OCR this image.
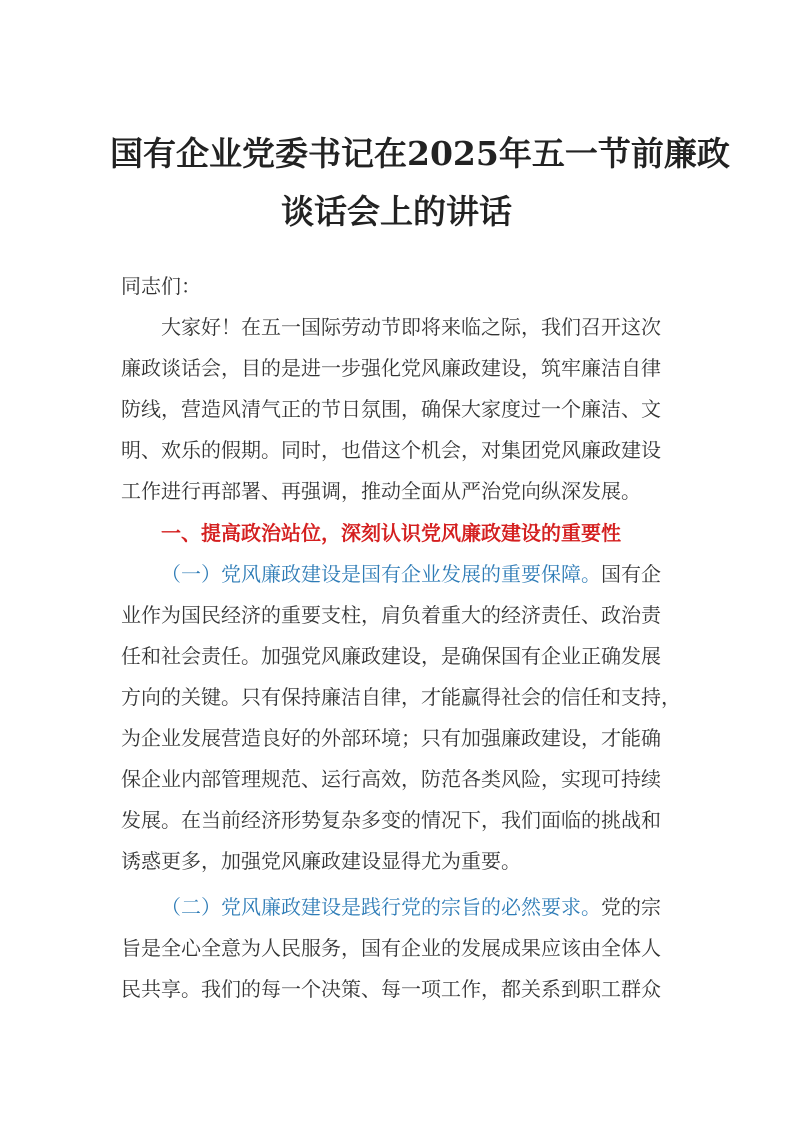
国有企业党委书记在2025年五一节前廉政
谈话会上的讲话
同志们：
大家好！在五一国际劳动节即将来临之际，我们召开这次
廉政谈话会，目的是进一步强化党风廉政建设，筑牢廉洁自律
防线，营造风清气正的节日氛围，确保大家度过一个廉洁、文
明、欢乐的假期。同时，也借这个机会，对集团党风廉政建设
工作进行再部署、再强调，推动全面从严治党向纵深发展。
一、提高政治站位，深刻认识党风廉政建设的重要性
（一）党风廉政建设是国有企业发展的重要保障。国有企
业作为国民经济的重要支柱，肩负着重大的经济责任、政治责
任和社会责任。加强党风廉政建设，是确保国有企业正确发展
方向的关键。只有保持廉洁自律，才能赢得社会的信任和支持，
为企业发展营造良好的外部环境；只有加强廉政建设，才能确
保企业内部管理规范、运行高效，防范各类风险，实现可持续
发展。在当前经济形势复杂多变的情况下，我们面临的挑战和
诱惑更多，加强党风廉政建设显得尤为重要。
（二）党风廉政建设是践行党的宗旨的必然要求。党的宗
旨是全心全意为人民服务，国有企业的发展成果应该由全体人
民共享。我们的每一个决策、每一项工作，都关系到职工群众
